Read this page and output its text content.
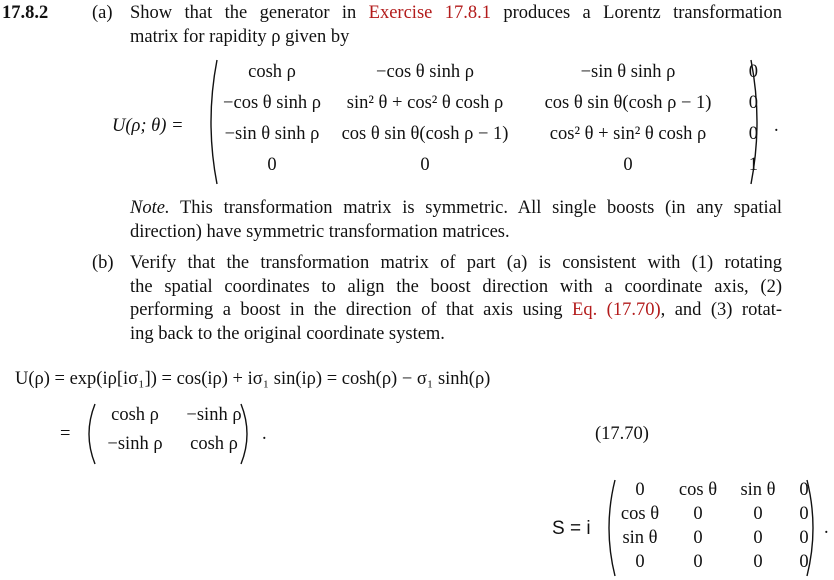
17.8.2 (a) Show that the generator in Exercise 17.8.1 produces a Lorentz transformation
matrix for rapidity ρ given by
U(ρ; θ) =
cosh ρ	−cos θ sinh ρ	−sin θ sinh ρ	0
−cos θ sinh ρ	sin² θ + cos² θ cosh ρ	cos θ sin θ(cosh ρ − 1)	0
−sin θ sinh ρ	cos θ sin θ(cosh ρ − 1)	cos² θ + sin² θ cosh ρ	0
0	0	0	1
.
Note. This transformation matrix is symmetric. All single boosts (in any spatial
direction) have symmetric transformation matrices.
(b) Verify that the transformation matrix of part (a) is consistent with (1) rotating
the spatial coordinates to align the boost direction with a coordinate axis, (2)
performing a boost in the direction of that axis using Eq. (17.70), and (3) rotat-
ing back to the original coordinate system.
U(ρ) = exp(iρ[iσ₁]) = cos(iρ) + iσ₁ sin(iρ) = cosh(ρ) − σ₁ sinh(ρ)
=
cosh ρ	−sinh ρ
−sinh ρ	cosh ρ	.	(17.70)
S = i
0	cos θ	sin θ	0
cos θ	0	0	0
sin θ	0	0	0
0	0	0	0
.
